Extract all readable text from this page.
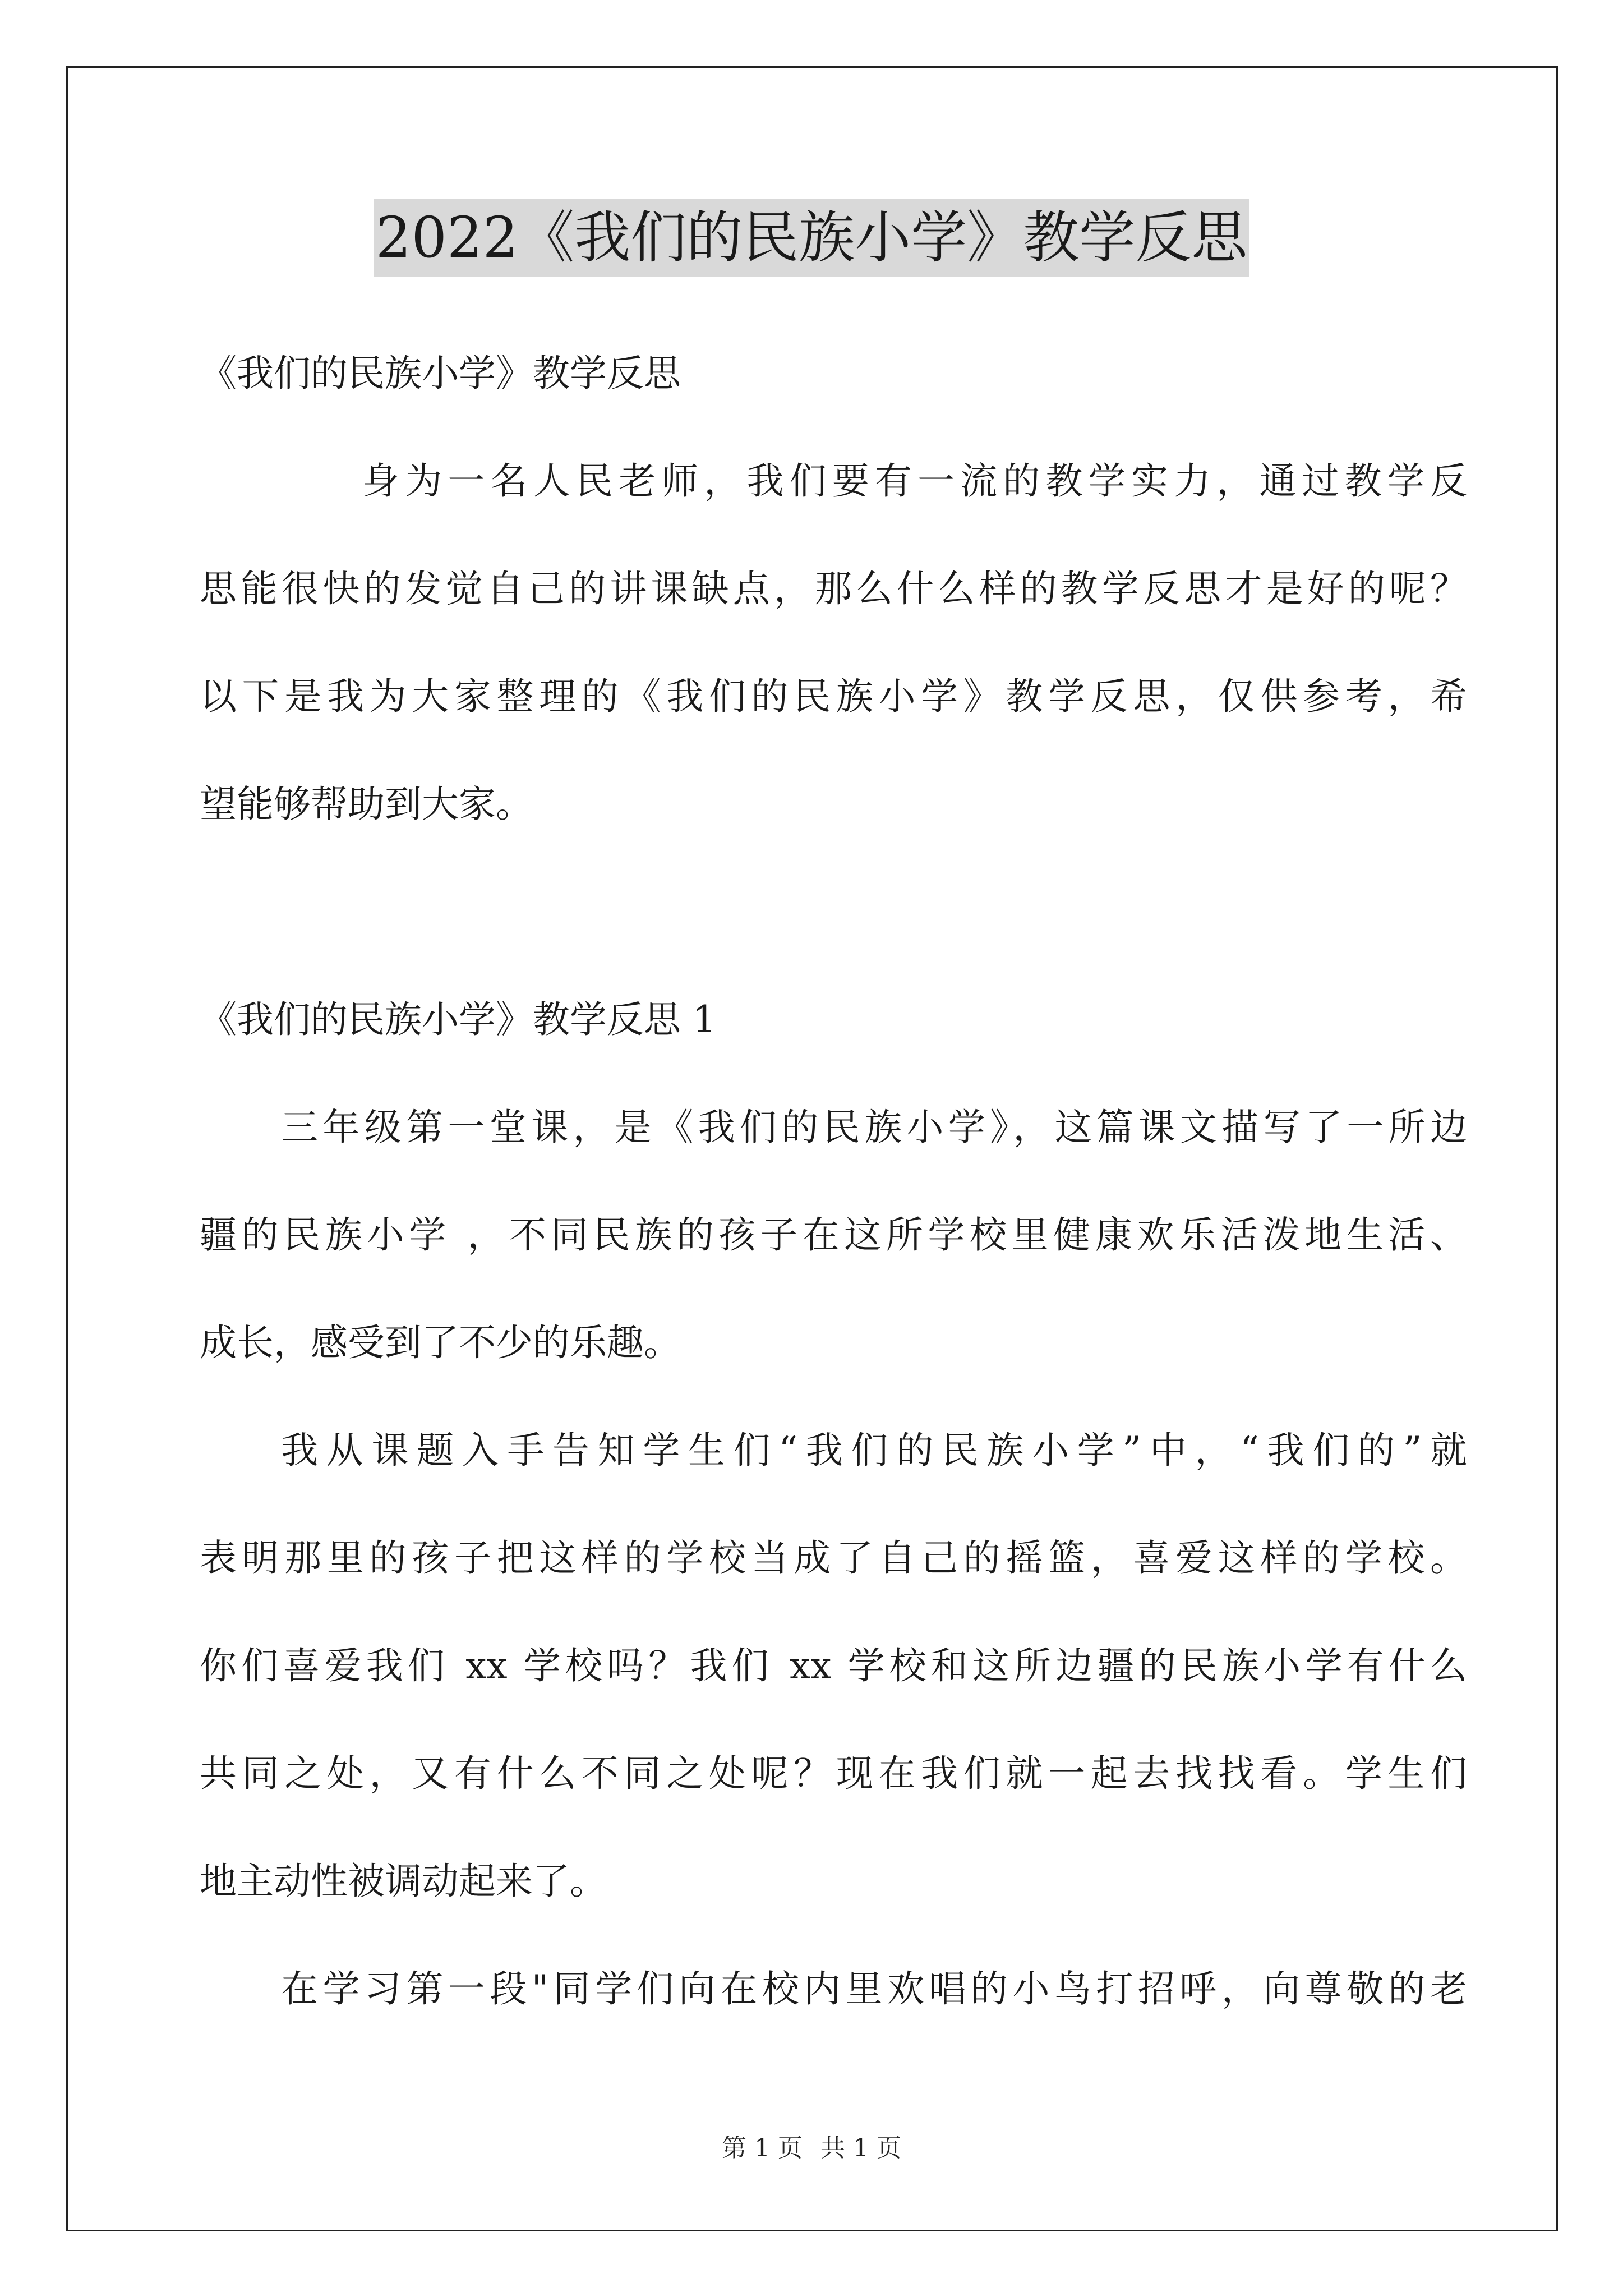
2022《我们的民族小学》教学反思
《我们的民族小学》教学反思
身为一名人民老师，我们要有一流的教学实力，通过教学反
思能很快的发觉自己的讲课缺点，那么什么样的教学反思才是好的呢？
以下是我为大家整理的《我们的民族小学》教学反思，仅供参考，希
望能够帮助到大家。
《我们的民族小学》教学反思 1
三年级第一堂课，是《我们的民族小学》，这篇课文描写了一所边
疆的民族小学 ，不同民族的孩子在这所学校里健康欢乐活泼地生活、
成长，感受到了不少的乐趣。
我从课题入手告知学生们“我们的民族小学”中，“我们的”就
表明那里的孩子把这样的学校当成了自己的摇篮，喜爱这样的学校。
你们喜爱我们 xx 学校吗？我们 xx 学校和这所边疆的民族小学有什么
共同之处，又有什么不同之处呢？现在我们就一起去找找看。学生们
地主动性被调动起来了。
在学习第一段"同学们向在校内里欢唱的小鸟打招呼，向尊敬的老
第 1 页 共 1 页
